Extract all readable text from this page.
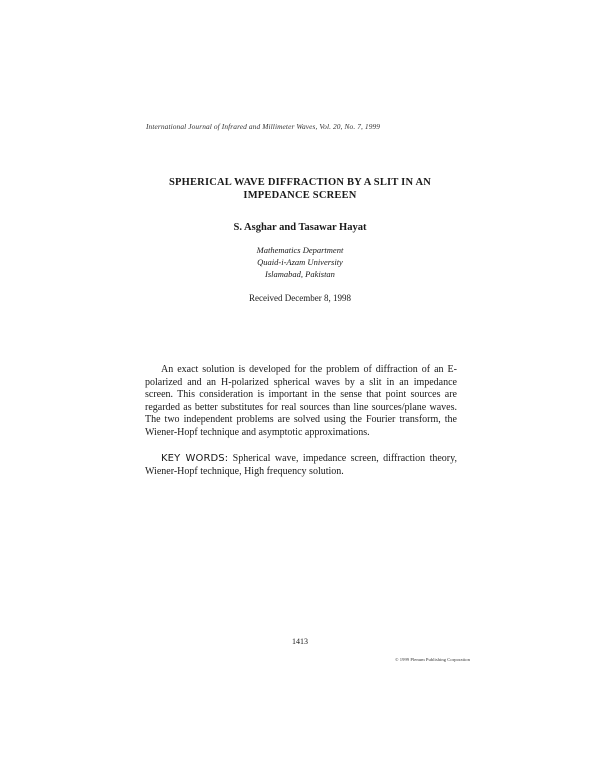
International Journal of Infrared and Millimeter Waves, Vol. 20, No. 7, 1999
SPHERICAL WAVE DIFFRACTION BY A SLIT IN AN
IMPEDANCE SCREEN
S. Asghar and Tasawar Hayat
Mathematics Department
Quaid-i-Azam University
Islamabad, Pakistan
Received December 8, 1998

An exact solution is developed for the problem of diffraction of an E-polarized and an H-polarized spherical waves by a slit in an impedance screen. This consideration is important in the sense that point sources are regarded as better substitutes for real sources than line sources/plane waves. The two independent problems are solved using the Fourier transform, the Wiener-Hopf technique and asymptotic approximations.

KEY WORDS: Spherical wave, impedance screen, diffraction theory, Wiener-Hopf technique, High frequency solution.

1413
© 1999 Plenum Publishing Corporation
